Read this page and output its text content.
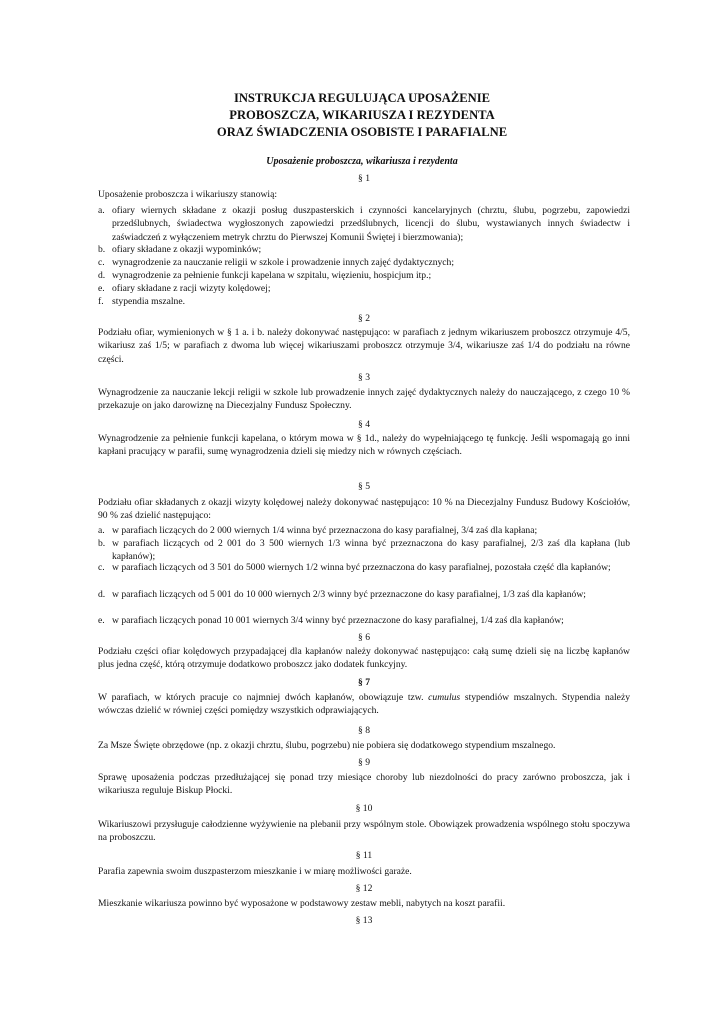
INSTRUKCJA REGULUJĄCA UPOSAŻENIE
PROBOSZCZA, WIKARIUSZA I REZYDENTA
ORAZ ŚWIADCZENIA OSOBISTE I PARAFIALNE
Uposażenie proboszcza, wikariusza i rezydenta
§ 1
Uposażenie proboszcza i wikariuszy stanowią:
a. ofiary wiernych składane z okazji posług duszpasterskich i czynności kancelaryjnych (chrztu, ślubu, pogrzebu, zapowiedzi przedślubnych, świadectwa wygłoszonych zapowiedzi przedślubnych, licencji do ślubu, wystawianych innych świadectw i zaświadczeń z wyłączeniem metryk chrztu do Pierwszej Komunii Świętej i bierzmowania);
b. ofiary składane z okazji wypominków;
c. wynagrodzenie za nauczanie religii w szkole i prowadzenie innych zajęć dydaktycznych;
d. wynagrodzenie za pełnienie funkcji kapelana w szpitalu, więzieniu, hospicjum itp.;
e. ofiary składane z racji wizyty kolędowej;
f. stypendia mszalne.
§ 2
Podziału ofiar, wymienionych w § 1 a. i b. należy dokonywać następująco: w parafiach z jednym wikariuszem proboszcz otrzymuje 4/5, wikariusz zaś 1/5; w parafiach z dwoma lub więcej wikariuszami proboszcz otrzymuje 3/4, wikariusze zaś 1/4 do podziału na równe części.
§ 3
Wynagrodzenie za nauczanie lekcji religii w szkole lub prowadzenie innych zajęć dydaktycznych należy do nauczającego, z czego 10 % przekazuje on jako darowiznę na Diecezjalny Fundusz Społeczny.
§ 4
Wynagrodzenie za pełnienie funkcji kapelana, o którym mowa w § 1d., należy do wypełniającego tę funkcję. Jeśli wspomagają go inni kapłani pracujący w parafii, sumę wynagrodzenia dzieli się miedzy nich w równych częściach.
§ 5
Podziału ofiar składanych z okazji wizyty kolędowej należy dokonywać następująco: 10 % na Diecezjalny Fundusz Budowy Kościołów, 90 % zaś dzielić następująco:
a. w parafiach liczących do 2 000 wiernych 1/4 winna być przeznaczona do kasy parafialnej, 3/4 zaś dla kapłana;
b. w parafiach liczących od 2 001 do 3 500 wiernych 1/3 winna być przeznaczona do kasy parafialnej, 2/3 zaś dla kapłana (lub kapłanów);
c. w parafiach liczących od 3 501 do 5000 wiernych 1/2 winna być przeznaczona do kasy parafialnej, pozostała część dla kapłanów;
d. w parafiach liczących od 5 001 do 10 000 wiernych 2/3 winny być przeznaczone do kasy parafialnej, 1/3 zaś dla kapłanów;
e. w parafiach liczących ponad 10 001 wiernych 3/4 winny być przeznaczone do kasy parafialnej, 1/4 zaś dla kapłanów;
§ 6
Podziału części ofiar kolędowych przypadającej dla kapłanów należy dokonywać następująco: całą sumę dzieli się na liczbę kapłanów plus jedna część, którą otrzymuje dodatkowo proboszcz jako dodatek funkcyjny.
§ 7
W parafiach, w których pracuje co najmniej dwóch kapłanów, obowiązuje tzw. cumulus stypendiów mszalnych. Stypendia należy wówczas dzielić w równiej części pomiędzy wszystkich odprawiających.
§ 8
Za Msze Święte obrzędowe (np. z okazji chrztu, ślubu, pogrzebu) nie pobiera się dodatkowego stypendium mszalnego.
§ 9
Sprawę uposażenia podczas przedłużającej się ponad trzy miesiące choroby lub niezdolności do pracy zarówno proboszcza, jak i wikariusza reguluje Biskup Płocki.
§ 10
Wikariuszowi przysługuje całodzienne wyżywienie na plebanii przy wspólnym stole. Obowiązek prowadzenia wspólnego stołu spoczywa na proboszczu.
§ 11
Parafia zapewnia swoim duszpasterzom mieszkanie i w miarę możliwości garaże.
§ 12
Mieszkanie wikariusza powinno być wyposażone w podstawowy zestaw mebli, nabytych na koszt parafii.
§ 13
